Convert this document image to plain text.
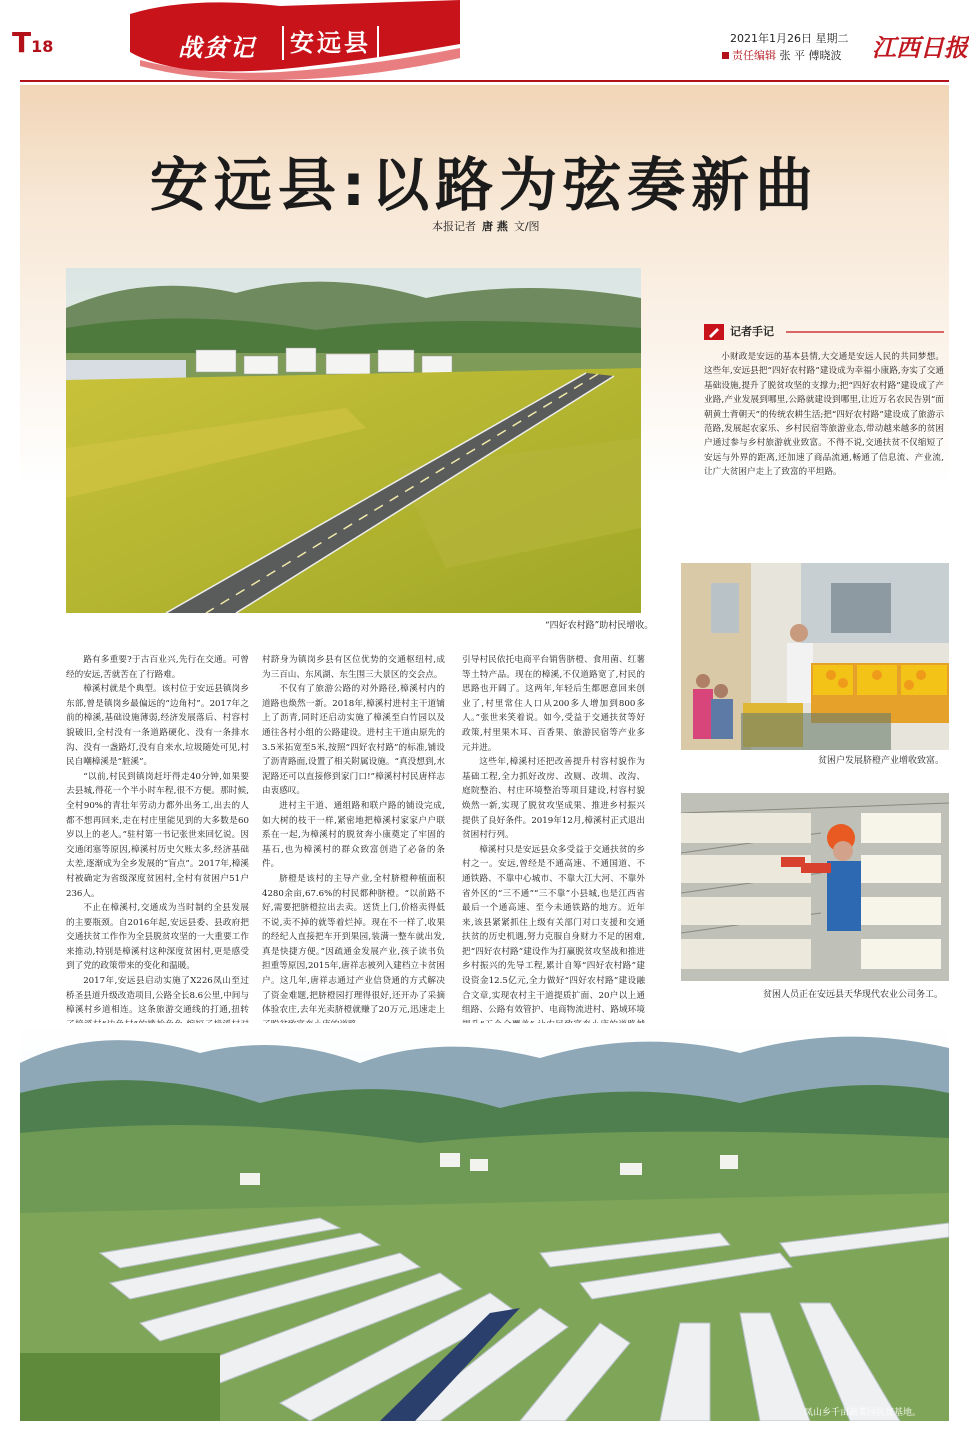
T18	战贫记	安远县	2021年1月26日 星期二
责任编辑 张 平 傅晓波 江西日报
安远县:以路为弦奏新曲
本报记者 唐 燕 文/图
“四好农村路”助村民增收。
记者手记
小财政是安远的基本县情,大交通是安远人民的共同梦想。这些年,安远县把“四好农村路”建设成为幸福小康路,夯实了交通基础设施,提升了脱贫攻坚的支撑力;把“四好农村路”建设成了产业路,产业发展到哪里,公路就建设到哪里,让近万名农民告别“面朝黄土背朝天”的传统农耕生活;把“四好农村路”建设成了旅游示范路,发展起农家乐、乡村民宿等旅游业态,带动越来越多的贫困户通过参与乡村旅游就业致富。不得不说,交通扶贫不仅缩短了安远与外界的距离,还加速了商品流通,畅通了信息流、产业流,让广大贫困户走上了致富的平坦路。
贫困户发展脐橙产业增收致富。
贫困人员正在安远县天华现代农业公司务工。

路有多重要?于古百业兴,先行在交通。可曾经的安远,苦就苦在了行路难。

樟溪村就是个典型。该村位于安远县镇岗乡东部,曾是镇岗乡最偏远的“边角村”。2017年之前的樟溪,基础设施薄弱,经济发展落后、村容村貌破旧,全村没有一条道路硬化、没有一条排水沟、没有一盏路灯,没有自来水,垃圾随处可见,村民自嘲樟溪是“脏溪”。

“以前,村民到镇岗赶圩得走40分钟,如果要去县城,得花一个半小时车程,很不方便。那时候,全村90%的青壮年劳动力都外出务工,出去的人都不想再回来,走在村庄里能见到的大多数是60岁以上的老人。”驻村第一书记张世来回忆说。因交通闭塞等原因,樟溪村历史欠账太多,经济基础太差,逐渐成为全乡发展的“盲点”。2017年,樟溪村被确定为省级深度贫困村,全村有贫困户51户236人。

不止在樟溪村,交通成为当时制约全县发展的主要瓶颈。自2016年起,安远县委、县政府把交通扶贫工作作为全县脱贫攻坚的一大重要工作来推动,特别是樟溪村这种深度贫困村,更是感受到了党的政策带来的变化和温暖。

2017年,安远县启动实施了X226凤山至过桥圣县道升级改造项目,公路全长8.6公里,中间与樟溪村乡道相连。这条旅游交通线的打通,扭转

村跻身为镇岗乡县有区位优势的交通枢纽村,成为三百山、东风湖、东生围三大景区的交会点。

不仅有了旅游公路的对外路径,樟溪村内的道路也焕然一新。2018年,樟溪村进村主干道铺上了沥青,同时还启动实施了樟溪至白竹园以及通往各村小组的公路建设。进村主干道由原先的3.5米拓宽至5米,按照“四好农村路”的标准,铺设了沥青路面,设置了相关附属设施。“真没想到,水泥路还可以直接修到家门口!”樟溪村村民唐样志由衷感叹。

进村主干道、通组路和联户路的铺设完成,如大树的枝干一样,紧密地把樟溪村家家户户联系在一起,为樟溪村的脱贫奔小康奠定了牢固的基石,也为樟溪村的群众致富创造了必备的条件。

脐橙是该村的主导产业,全村脐橙种植面积4280余亩,67.6%的村民都种脐橙。“以前路不好,需要把脐橙拉出去卖。送货上门,价格卖得低不说,卖不掉的就等着烂掉。现在不一样了,收果的经纪人直接把车开到果园,装满一整车就出发,真是快捷方便。”因疏通金发展产业,孩子读书负担重等原因,2015年,唐祥志被列入建档立卡贫困户。这几年,唐祥志通过产业信贷通的方式解决了资金难题,把脐橙园打理得很好,还开办了采摘体验农庄,去年光卖脐橙就赚了20万元,迅速走上

引导村民依托电商平台销售脐橙、食用菌、红薯等土特产品。现在的樟溪,不仅道路宽了,村民的思路也开阔了。这两年,年轻后生都愿意回来创业了,村里常住人口从200多人增加到800多人。”张世来笑着说。如今,受益于交通扶贫等好政策,村里果木耳、百香果、旅游民宿等产业多元并进。

这些年,樟溪村还把改善提升村容村貌作为基础工程,全力抓好改房、改厕、改圳、改沟、庭院整治、村庄环境整治等项目建设,村容村貌焕然一新,实现了脱贫攻坚成果、推进乡村振兴提供了良好条件。2019年12月,樟溪村正式退出贫困村行列。

樟溪村只是安远县众多受益于交通扶贫的乡村之一。安远,曾经是不通高速、不通国道、不通铁路、不靠中心城市、不靠大江大河、不靠外省外区的“三不通”“三不靠”小县城,也是江西省最后一个通高速、至今未通铁路的地方。近年来,该县紧紧抓住上级有关部门对口支援和交通扶贫的历史机遇,努力克服自身财力不足的困难,把“四好农村路”建设作为打赢脱贫攻坚战和推进乡村振兴的先导工程,累计自筹“四好农村路”建设资金12.5亿元,全力做好“四好农村路”建设融合文章,实现农村主干道提质扩面、20户以上通组路、公路有效管护、电商物流进村、路域环境

凤山乡千亩蔬菜园扶贫基地。
